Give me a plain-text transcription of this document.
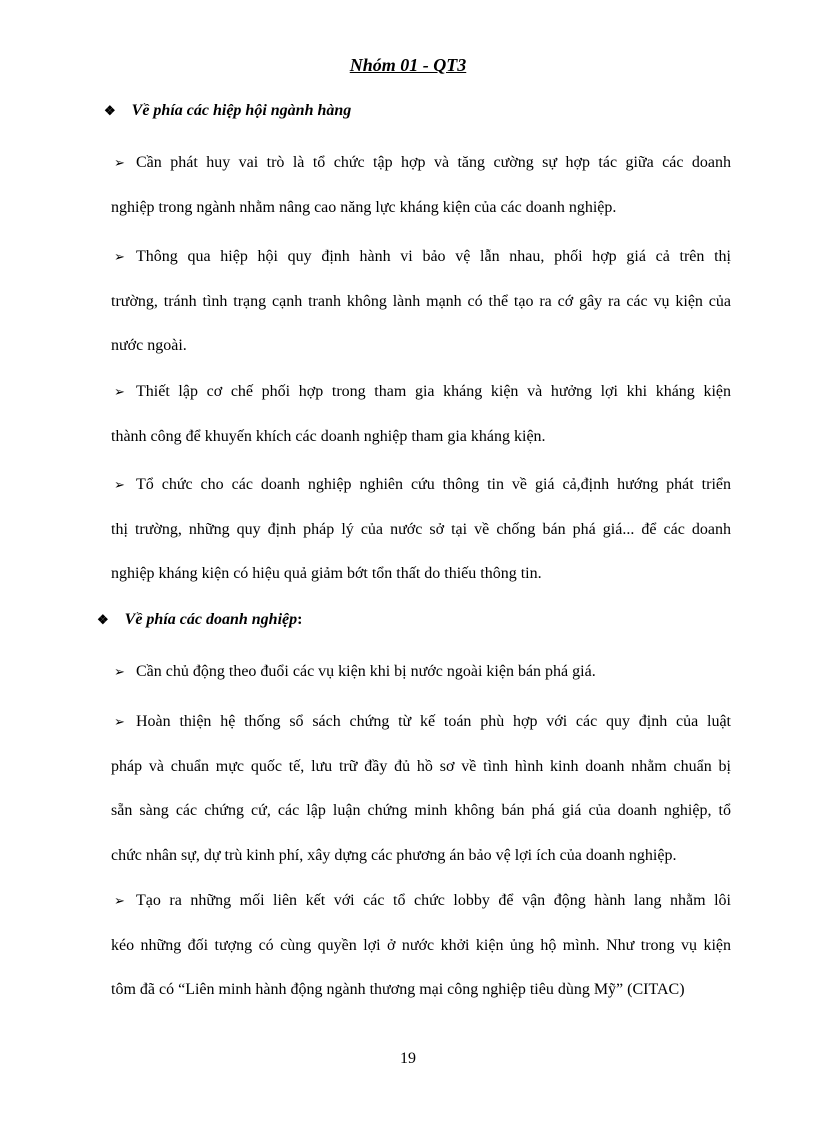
Nhóm 01 - QT3
❖ Về phía các hiệp hội ngành hàng
➢ Cần phát huy vai trò là tổ chức tập hợp và tăng cường sự hợp tác giữa các doanh
nghiệp trong ngành nhằm nâng cao năng lực kháng kiện của các doanh nghiệp.
➢ Thông qua hiệp hội quy định hành vi bảo vệ lẫn nhau, phối hợp giá cả trên thị
trường, tránh tình trạng cạnh tranh không lành mạnh có thể tạo ra cớ gây ra các vụ kiện của
nước ngoài.
➢ Thiết lập cơ chế phối hợp trong tham gia kháng kiện và hưởng lợi khi kháng kiện
thành công để khuyến khích các doanh nghiệp tham gia kháng kiện.
➢ Tổ chức cho các doanh nghiệp nghiên cứu thông tin về giá cả,định hướng phát triển
thị trường, những quy định pháp lý của nước sở tại về chống bán phá giá... để các doanh
nghiệp kháng kiện có hiệu quả giảm bớt tổn thất do thiếu thông tin.
❖ Về phía các doanh nghiệp :
➢ Cần chủ động theo đuổi các vụ kiện khi bị nước ngoài kiện bán phá giá.
➢ Hoàn thiện hệ thống sổ sách chứng từ kế toán phù hợp với các quy định của luật
pháp và chuẩn mực quốc tế, lưu trữ đầy đủ hồ sơ về tình hình kinh doanh nhằm chuẩn bị
sẵn sàng các chứng cứ, các lập luận chứng minh không bán phá giá của doanh nghiệp, tổ
chức nhân sự, dự trù kinh phí, xây dựng các phương án bảo vệ lợi ích của doanh nghiệp.
➢ Tạo ra những mối liên kết với các tổ chức lobby để vận động hành lang nhằm lôi
kéo những đối tượng có cùng quyền lợi ở nước khởi kiện ủng hộ mình. Như trong vụ kiện
tôm đã có “Liên minh hành động ngành thương mại công nghiệp tiêu dùng Mỹ” (CITAC)
19
